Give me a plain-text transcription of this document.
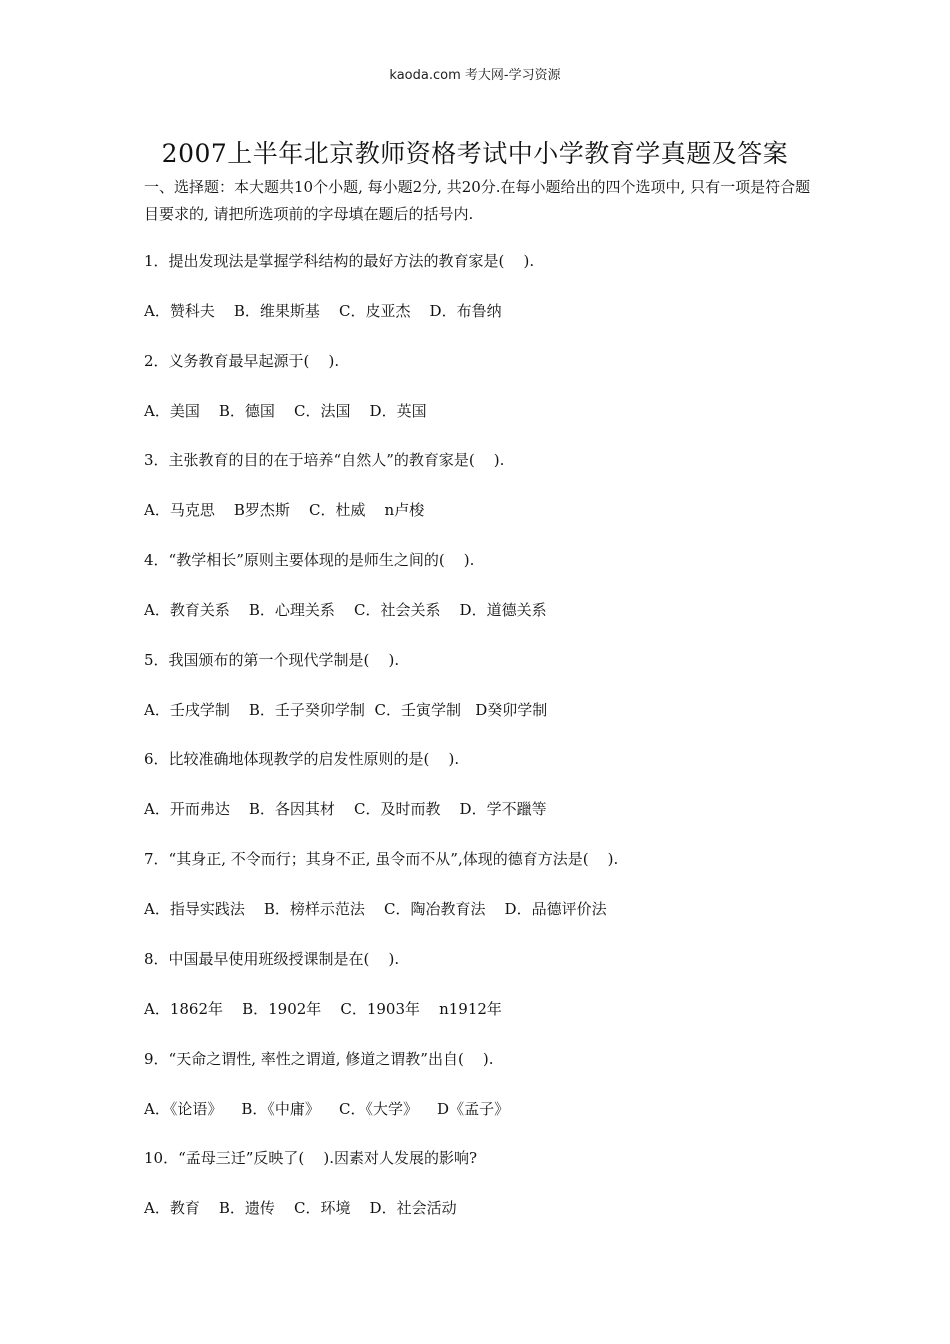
kaoda.com 考大网-学习资源
2007上半年北京教师资格考试中小学教育学真题及答案
一、选择题：本大题共10个小题, 每小题2分, 共20分.在每小题给出的四个选项中, 只有一项是符合题目要求的, 请把所选项前的字母填在题后的括号内.
1．提出发现法是掌握学科结构的最好方法的教育家是(    ).
A．赞科夫    B．维果斯基    C．皮亚杰    D．布鲁纳
2．义务教育最早起源于(    ).
A．美国    B．德国    C．法国    D．英国
3．主张教育的目的在于培养“自然人”的教育家是(    ).
A．马克思    B罗杰斯    C．杜威    n卢梭
4．“教学相长”原则主要体现的是师生之间的(    ).
A．教育关系    B．心理关系    C．社会关系    D．道德关系
5．我国颁布的第一个现代学制是(    ).
A．壬戌学制    B．壬子癸卯学制  C．壬寅学制   D癸卯学制
6．比较准确地体现教学的启发性原则的是(    ).
A．开而弗达    B．各因其材    C．及时而教    D．学不躐等
7．“其身正, 不令而行；其身不正, 虽令而不从”,体现的德育方法是(    ).
A．指导实践法    B．榜样示范法    C．陶冶教育法    D．品德评价法
8．中国最早使用班级授课制是在(    ).
A．1862年    B．1902年    C．1903年    n1912年
9．“天命之谓性, 率性之谓道, 修道之谓教”出自(    ).
A．《论语》    B．《中庸》    C．《大学》    D《孟子》
10．“孟母三迁”反映了(    ).因素对人发展的影响?
A．教育    B．遗传    C．环境    D．社会活动
